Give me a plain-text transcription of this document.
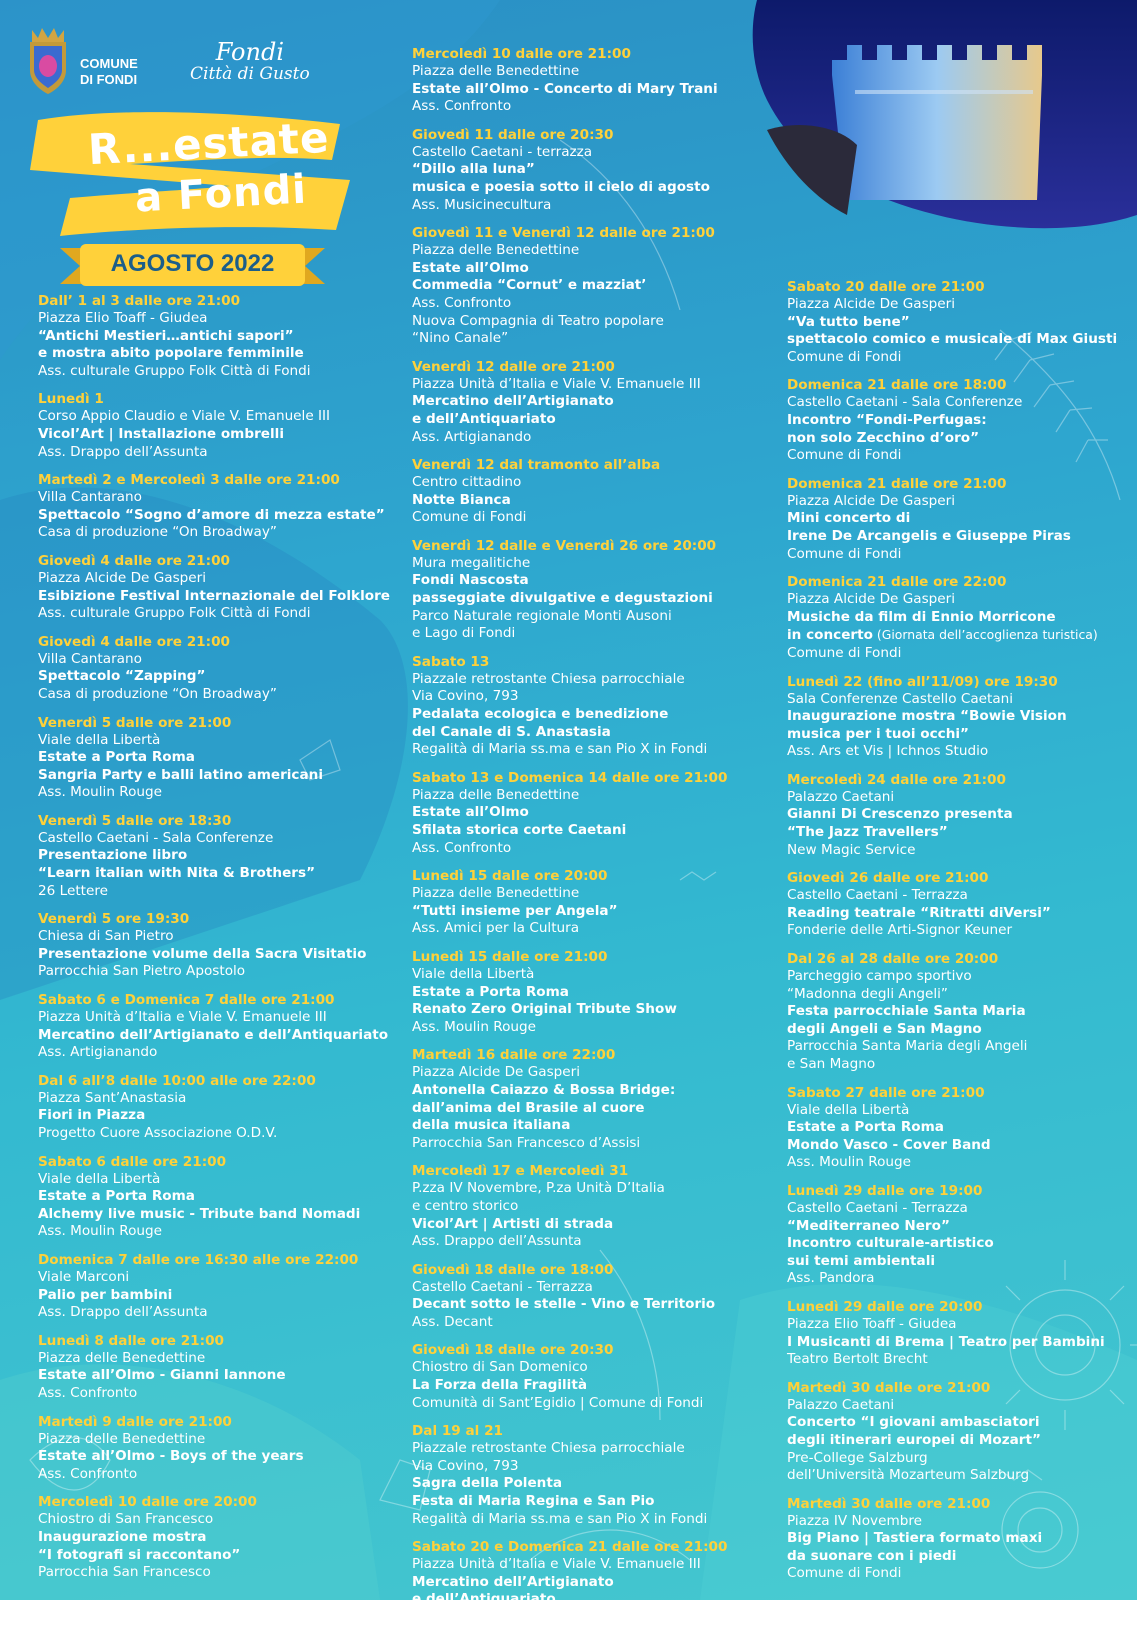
COMUNE
DI FONDI
Fondi
Città di Gusto
R...estate
a Fondi
AGOSTO 2022
Dall’ 1 al 3 dalle ore 21:00
Piazza Elio Toaff - Giudea
“Antichi Mestieri…antichi sapori”
e mostra abito popolare femminile
Ass. culturale Gruppo Folk Città di Fondi
Lunedì 1
Corso Appio Claudio e Viale V. Emanuele III
Vicol’Art | Installazione ombrelli
Ass. Drappo dell’Assunta
Martedì 2 e Mercoledì 3 dalle ore 21:00
Villa Cantarano
Spettacolo “Sogno d’amore di mezza estate”
Casa di produzione “On Broadway”
Giovedì 4 dalle ore 21:00
Piazza Alcide De Gasperi
Esibizione Festival Internazionale del Folklore
Ass. culturale Gruppo Folk Città di Fondi
Giovedì 4 dalle ore 21:00
Villa Cantarano
Spettacolo “Zapping”
Casa di produzione “On Broadway”
Venerdì 5 dalle ore 21:00
Viale della Libertà
Estate a Porta Roma
Sangria Party e balli latino americani
Ass. Moulin Rouge
Venerdì 5 dalle ore 18:30
Castello Caetani - Sala Conferenze
Presentazione libro
“Learn italian with Nita & Brothers”
26 Lettere
Venerdì 5 ore 19:30
Chiesa di San Pietro
Presentazione volume della Sacra Visitatio
Parrocchia San Pietro Apostolo
Sabato 6 e Domenica 7 dalle ore 21:00
Piazza Unità d’Italia e Viale V. Emanuele III
Mercatino dell’Artigianato e dell’Antiquariato
Ass. Artigianando
Dal 6 all’8 dalle 10:00 alle ore 22:00
Piazza Sant’Anastasia
Fiori in Piazza
Progetto Cuore Associazione O.D.V.
Sabato 6 dalle ore 21:00
Viale della Libertà
Estate a Porta Roma
Alchemy live music - Tribute band Nomadi
Ass. Moulin Rouge
Domenica 7 dalle ore 16:30 alle ore 22:00
Viale Marconi
Palio per bambini
Ass. Drappo dell’Assunta
Lunedì 8 dalle ore 21:00
Piazza delle Benedettine
Estate all’Olmo - Gianni Iannone
Ass. Confronto
Martedì 9 dalle ore 21:00
Piazza delle Benedettine
Estate all’Olmo - Boys of the years
Ass. Confronto
Mercoledì 10 dalle ore 20:00
Chiostro di San Francesco
Inaugurazione mostra
“I fotografi si raccontano”
Parrocchia San Francesco
Mercoledì 10 dalle ore 21:00
Piazza delle Benedettine
Estate all’Olmo - Concerto di Mary Trani
Ass. Confronto
Giovedì 11 dalle ore 20:30
Castello Caetani - terrazza
“Dillo alla luna”
musica e poesia sotto il cielo di agosto
Ass. Musicinecultura
Giovedì 11 e Venerdì 12 dalle ore 21:00
Piazza delle Benedettine
Estate all’Olmo
Commedia “Cornut’ e mazziat’
Ass. Confronto
Nuova Compagnia di Teatro popolare
“Nino Canale”
Venerdì 12 dalle ore 21:00
Piazza Unità d’Italia e Viale V. Emanuele III
Mercatino dell’Artigianato
e dell’Antiquariato
Ass. Artigianando
Venerdì 12 dal tramonto all’alba
Centro cittadino
Notte Bianca
Comune di Fondi
Venerdì 12 dalle e Venerdì 26 ore 20:00
Mura megalitiche
Fondi Nascosta
passeggiate divulgative e degustazioni
Parco Naturale regionale Monti Ausoni
e Lago di Fondi
Sabato 13
Piazzale retrostante Chiesa parrocchiale
Via Covino, 793
Pedalata ecologica e benedizione
del Canale di S. Anastasia
Regalità di Maria ss.ma e san Pio X in Fondi
Sabato 13 e Domenica 14 dalle ore 21:00
Piazza delle Benedettine
Estate all’Olmo
Sfilata storica corte Caetani
Ass. Confronto
Lunedì 15 dalle ore 20:00
Piazza delle Benedettine
“Tutti insieme per Angela”
Ass. Amici per la Cultura
Lunedì 15 dalle ore 21:00
Viale della Libertà
Estate a Porta Roma
Renato Zero Original Tribute Show
Ass. Moulin Rouge
Martedì 16 dalle ore 22:00
Piazza Alcide De Gasperi
Antonella Caiazzo & Bossa Bridge:
dall’anima del Brasile al cuore
della musica italiana
Parrocchia San Francesco d’Assisi
Mercoledì 17 e Mercoledì 31
P.zza IV Novembre, P.za Unità D’Italia
e centro storico
Vicol’Art | Artisti di strada
Ass. Drappo dell’Assunta
Giovedì 18 dalle ore 18:00
Castello Caetani - Terrazza
Decant sotto le stelle - Vino e Territorio
Ass. Decant
Giovedì 18 dalle ore 20:30
Chiostro di San Domenico
La Forza della Fragilità
Comunità di Sant’Egidio | Comune di Fondi
Dal 19 al 21
Piazzale retrostante Chiesa parrocchiale
Via Covino, 793
Sagra della Polenta
Festa di Maria Regina e San Pio
Regalità di Maria ss.ma e san Pio X in Fondi
Sabato 20 e Domenica 21 dalle ore 21:00
Piazza Unità d’Italia e Viale V. Emanuele III
Mercatino dell’Artigianato
e dell’Antiquariato
Ass. Artigianando
Sabato 20 dalle ore 21:00
Piazza Alcide De Gasperi
“Va tutto bene”
spettacolo comico e musicale di Max Giusti
Comune di Fondi
Domenica 21 dalle ore 18:00
Castello Caetani - Sala Conferenze
Incontro “Fondi-Perfugas:
non solo Zecchino d’oro”
Comune di Fondi
Domenica 21 dalle ore 21:00
Piazza Alcide De Gasperi
Mini concerto di
Irene De Arcangelis e Giuseppe Piras
Comune di Fondi
Domenica 21 dalle ore 22:00
Piazza Alcide De Gasperi
Musiche da film di Ennio Morricone
in concerto (Giornata dell’accoglienza turistica)
Comune di Fondi
Lunedì 22 (fino all’11/09) ore 19:30
Sala Conferenze Castello Caetani
Inaugurazione mostra “Bowie Vision
musica per i tuoi occhi”
Ass. Ars et Vis | Ichnos Studio
Mercoledì 24 dalle ore 21:00
Palazzo Caetani
Gianni Di Crescenzo presenta
“The Jazz Travellers”
New Magic Service
Giovedì 26 dalle ore 21:00
Castello Caetani - Terrazza
Reading teatrale “Ritratti diVersi”
Fonderie delle Arti-Signor Keuner
Dal 26 al 28 dalle ore 20:00
Parcheggio campo sportivo
“Madonna degli Angeli”
Festa parrocchiale Santa Maria
degli Angeli e San Magno
Parrocchia Santa Maria degli Angeli
e San Magno
Sabato 27 dalle ore 21:00
Viale della Libertà
Estate a Porta Roma
Mondo Vasco - Cover Band
Ass. Moulin Rouge
Lunedì 29 dalle ore 19:00
Castello Caetani - Terrazza
“Mediterraneo Nero”
Incontro culturale-artistico
sui temi ambientali
Ass. Pandora
Lunedì 29 dalle ore 20:00
Piazza Elio Toaff - Giudea
I Musicanti di Brema | Teatro per Bambini
Teatro Bertolt Brecht
Martedì 30 dalle ore 21:00
Palazzo Caetani
Concerto “I giovani ambasciatori
degli itinerari europei di Mozart”
Pre-College Salzburg
dell’Università Mozarteum Salzburg
Martedì 30 dalle ore 21:00
Piazza IV Novembre
Big Piano | Tastiera formato maxi
da suonare con i piedi
Comune di Fondi
